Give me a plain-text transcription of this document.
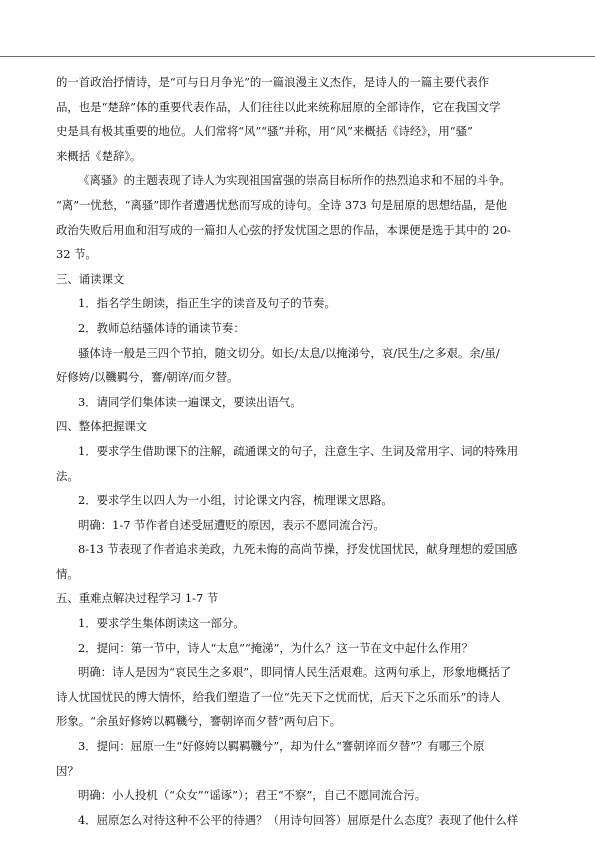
的一首政治抒情诗，是“可与日月争光”的一篇浪漫主义杰作，是诗人的一篇主要代表作
品，也是“楚辞”体的重要代表作品，人们往往以此来统称屈原的全部诗作，它在我国文学
史是具有极其重要的地位。人们常将“风”“骚”并称，用“风”来概括《诗经》，用“骚”
来概括《楚辞》。
《离骚》的主题表现了诗人为实现祖国富强的崇高目标所作的热烈追求和不屈的斗争。
“离”一忧愁，“离骚”即作者遭遇忧愁而写成的诗句。全诗 373 句是屈原的思想结晶，是他
政治失败后用血和泪写成的一篇扣人心弦的抒发忧国之思的作品，本课便是选于其中的 20-
32 节。
三、诵读课文
1．指名学生朗读，指正生字的读音及句子的节奏。
2．教师总结骚体诗的诵读节奏：
骚体诗一般是三四个节拍，随文切分。如长/太息/以掩涕兮，哀/民生/之多艰。余/虽/
好修姱/以鞿羁兮，謇/朝谇/而夕替。
3．请同学们集体读一遍课文，要读出语气。
四、整体把握课文
1．要求学生借助课下的注解，疏通课文的句子，注意生字、生词及常用字、词的特殊用
法。
2．要求学生以四人为一小组，讨论课文内容，梳理课文思路。
明确：1-7 节作者自述受屈遭贬的原因，表示不愿同流合污。
8-13 节表现了作者追求美政，九死未悔的高尚节操，抒发忧国忧民，献身理想的爱国感
情。
五、重难点解决过程学习 1-7 节
1．要求学生集体朗读这一部分。
2．提问：第一节中，诗人“太息”“掩涕”，为什么？这一节在文中起什么作用？
明确：诗人是因为“哀民生之多艰”，即同情人民生活艰难。这两句承上，形象地概括了
诗人忧国忧民的博大情怀，给我们塑造了一位“先天下之忧而忧，后天下之乐而乐”的诗人
形象。“余虽好修姱以羁鞿兮，謇朝谇而夕替”两句启下。
3．提问：屈原一生“好修姱以羁羁鞿兮”，却为什么“謇朝谇而夕替”？有哪三个原
因？
明确：小人投机（“众女”“谣诼”）；君王“不察”，自己不愿同流合污。
4．屈原怎么对待这种不公平的待遇？（用诗句回答）屈原是什么态度？表现了他什么样
